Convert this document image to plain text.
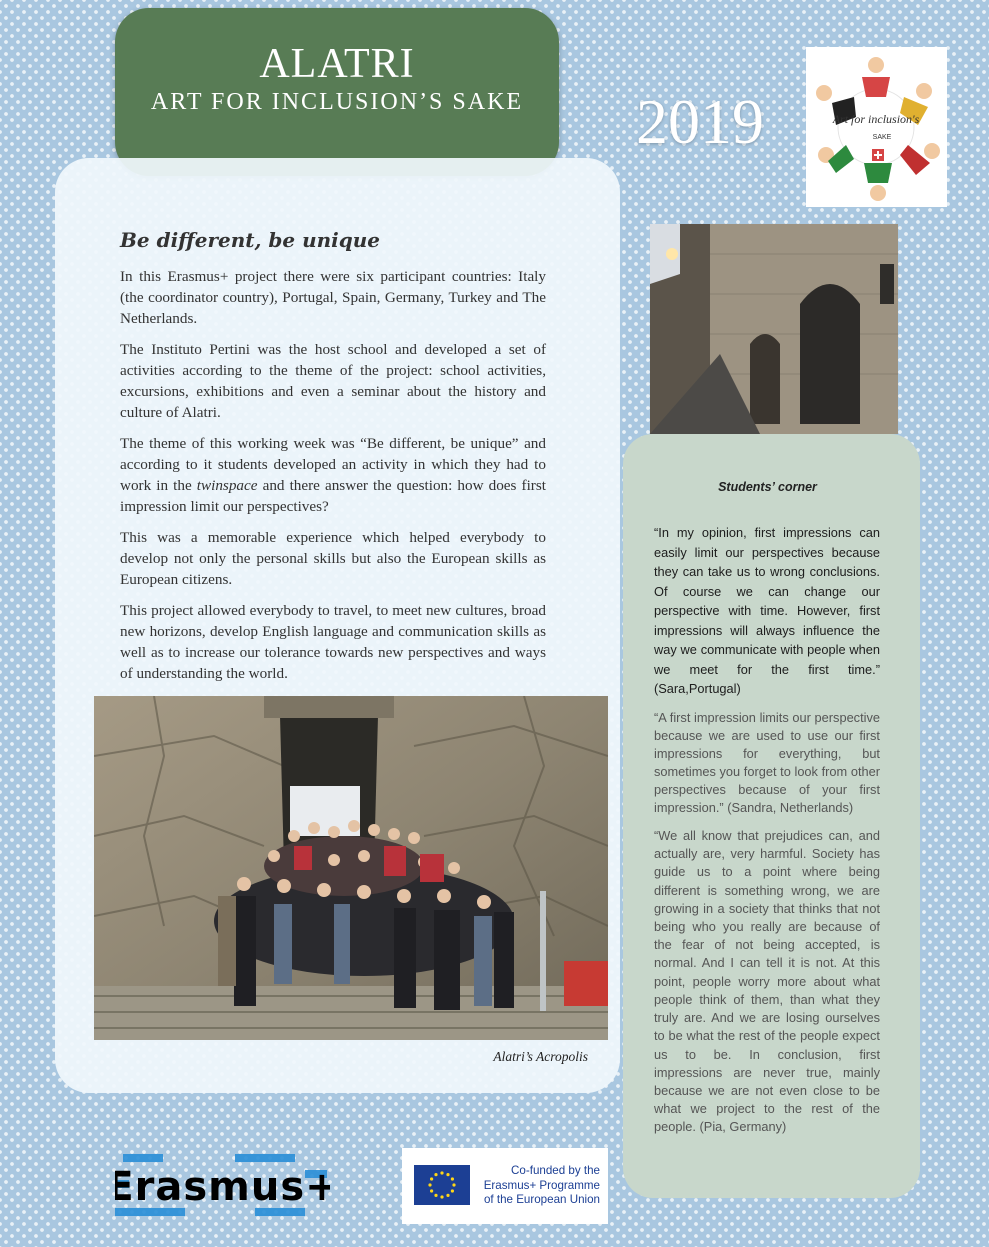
ALATRI
ART FOR INCLUSION’S SAKE	2019	Art for inclusion's
SAKE
Be different, be unique

In this Erasmus+ project there were six participant countries: Italy (the coordinator country), Portugal, Spain, Germany, Turkey and The Netherlands.

The Instituto Pertini was the host school and developed a set of activities according to the theme of the project: school activities, excursions, exhibitions and even a seminar about the history and culture of Alatri.

The theme of this working week was “Be different, be unique” and according to it students developed an activity in which they had to work in the twinspace and there answer the question: how does first impression limit our perspectives?

This was a memorable experience which helped everybody to develop not only the personal skills but also the European skills as European citizens.

This project allowed everybody to travel, to meet new cultures, broad new horizons, develop English language and communication skills as well as to increase our tolerance towards new perspectives and ways of understanding the world.

Alatri’s Acropolis
Students’ corner

“In my opinion, first impressions can easily limit our perspectives because they can take us to wrong conclusions. Of course we can change our perspective with time. However, first impressions will always influence the way we communicate with people when we meet for the first time.” (Sara,Portugal)

“A first impression limits our perspective because we are used to use our first impressions for everything, but sometimes you forget to look from other perspectives because of your first impression.” (Sandra, Netherlands)

“We all know that prejudices can, and actually are, very harmful. Society has guide us to a point where being different is something wrong, we are growing in a society that thinks that not being who you really are because of the fear of not being accepted, is normal. And I can tell it is not. At this point, people worry more about what people think of them, than what they truly are. And we are losing ourselves to be what the rest of the people expect us to be. In conclusion, first impressions are never true, mainly because we are not even close to be what we project to the rest of the people. (Pia, Germany)

Erasmus+	Co-funded by the
Erasmus+ Programme
of the European Union
